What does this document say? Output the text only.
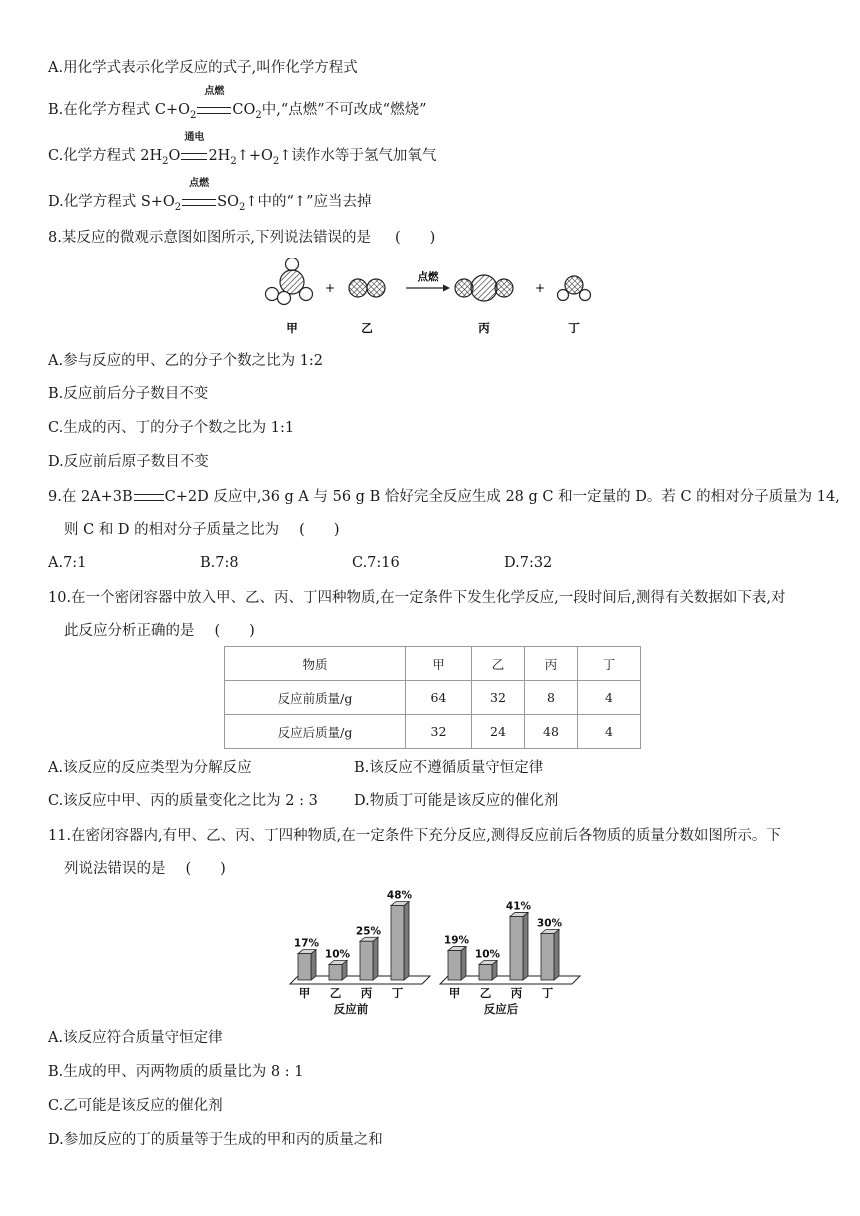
A.用化学式表示化学反应的式子,叫作化学方程式
B.在化学方程式 $C+O_2$
点燃
$CO_2$中,“点燃”不可改成“燃烧”
C.化学方程式 $2H_2O$
通电
$2H_2↑+O_2↑$读作水等于氢气加氧气
D.化学方程式 $S+O_2$
点燃
$SO_2↑$中的“↑”应当去掉
8.某反应的微观示意图如图所示,下列说法错误的是 (　　)
+
点燃
+
甲	乙	丙	丁
A.参与反应的甲、乙的分子个数之比为 1:2
B.反应前后分子数目不变
C.生成的丙、丁的分子个数之比为 1:1
D.反应前后原子数目不变
9.在 2A+3B C+2D 反应中,36 g A 与 56 g B 恰好完全反应生成 28 g C 和一定量的 D。若 C 的相对分子质量为 14,
则 C 和 D 的相对分子质量之比为 (　　)
A.7:1	B.7:8	C.7:16	D.7:32
10.在一个密闭容器中放入甲、乙、丙、丁四种物质,在一定条件下发生化学反应,一段时间后,测得有关数据如下表,对
此反应分析正确的是 (　　)
物质	甲	乙	丙	丁
反应前质量/g	64	32	8	4
反应后质量/g	32	24	48	4
A.该反应的反应类型为分解反应	B.该反应不遵循质量守恒定律
C.该反应中甲、丙的质量变化之比为 2 : 3 D.物质丁可能是该反应的催化剂
11.在密闭容器内,有甲、乙、丙、丁四种物质,在一定条件下充分反应,测得反应前后各物质的质量分数如图所示。下
列说法错误的是 (　　)
17%
甲
10%
乙
25%
丙
48%
丁
反应前
19%
甲
10%
乙
41%
丙
30%
丁
反应后
A.该反应符合质量守恒定律
B.生成的甲、丙两物质的质量比为 8 : 1
C.乙可能是该反应的催化剂
D.参加反应的丁的质量等于生成的甲和丙的质量之和
